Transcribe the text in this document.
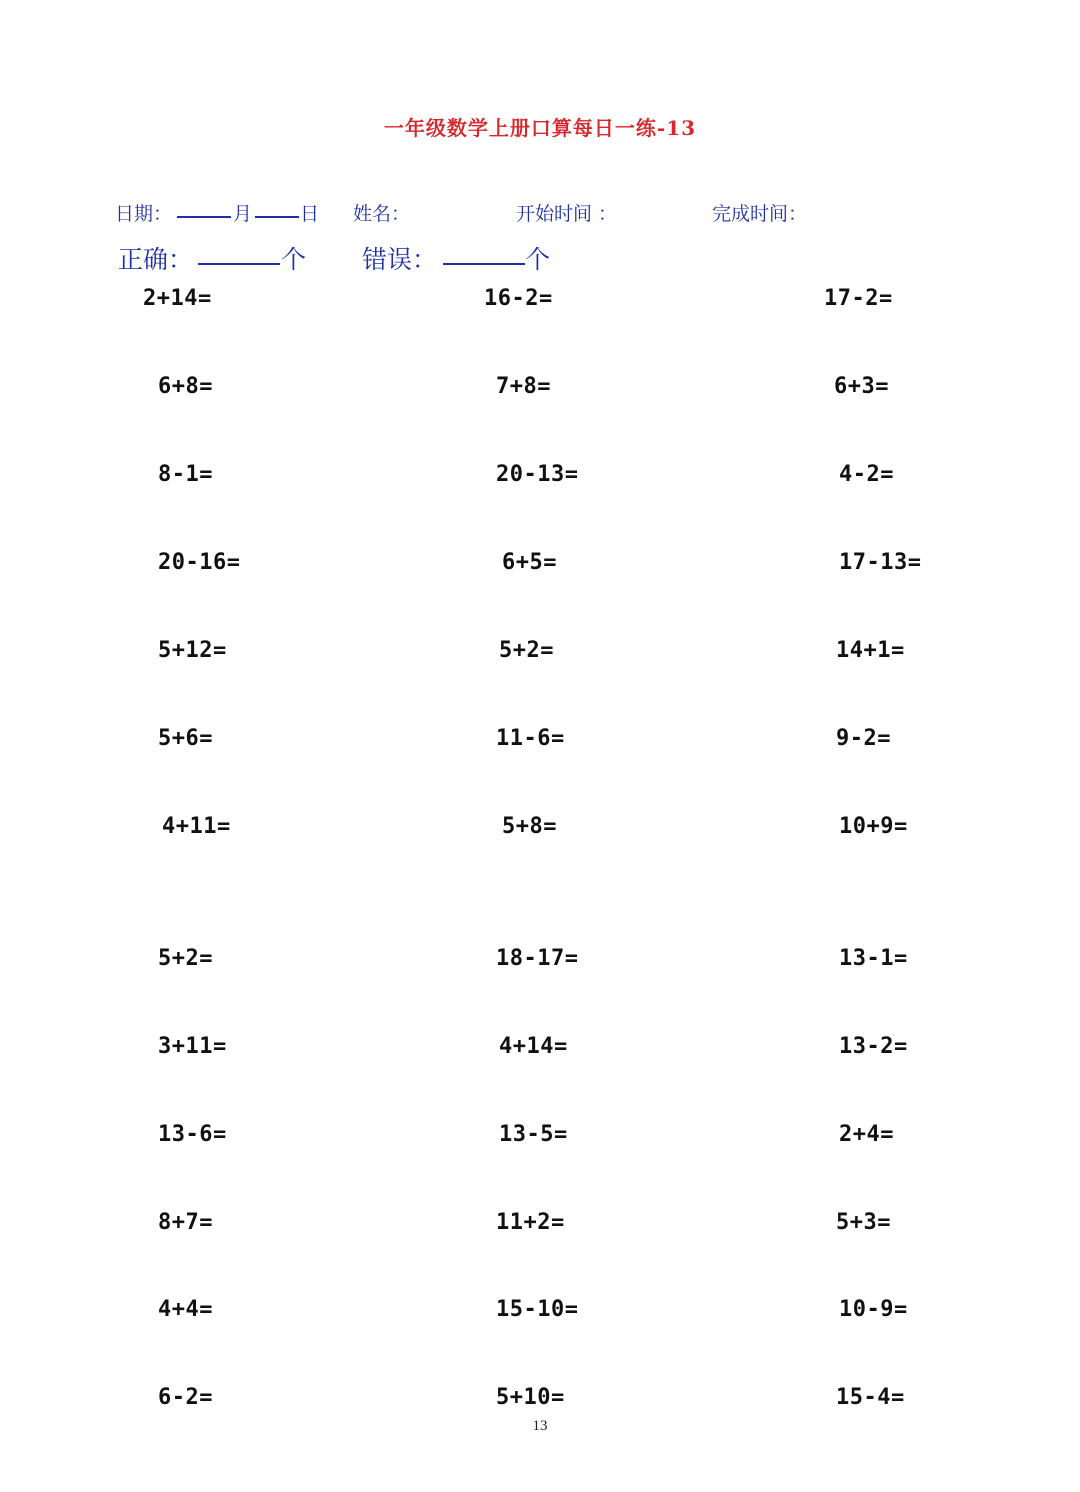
一年级数学上册口算每日一练-13
日期：	月	日 姓名：	开始时间 ：	完成时间：
正确：	个 错误：	个
2+14=	16-2=	17-2=
6+8=	7+8=	6+3=
8-1=	20-13=	4-2=
20-16=	6+5=	17-13=
5+12=	5+2=	14+1=
5+6=	11-6=	9-2=
4+11=	5+8=	10+9=
5+2=	18-17=	13-1=
3+11=	4+14=	13-2=
13-6=	13-5=	2+4=
8+7=	11+2=	5+3=
4+4=	15-10=	10-9=
6-2=	5+10=	15-4=
13
